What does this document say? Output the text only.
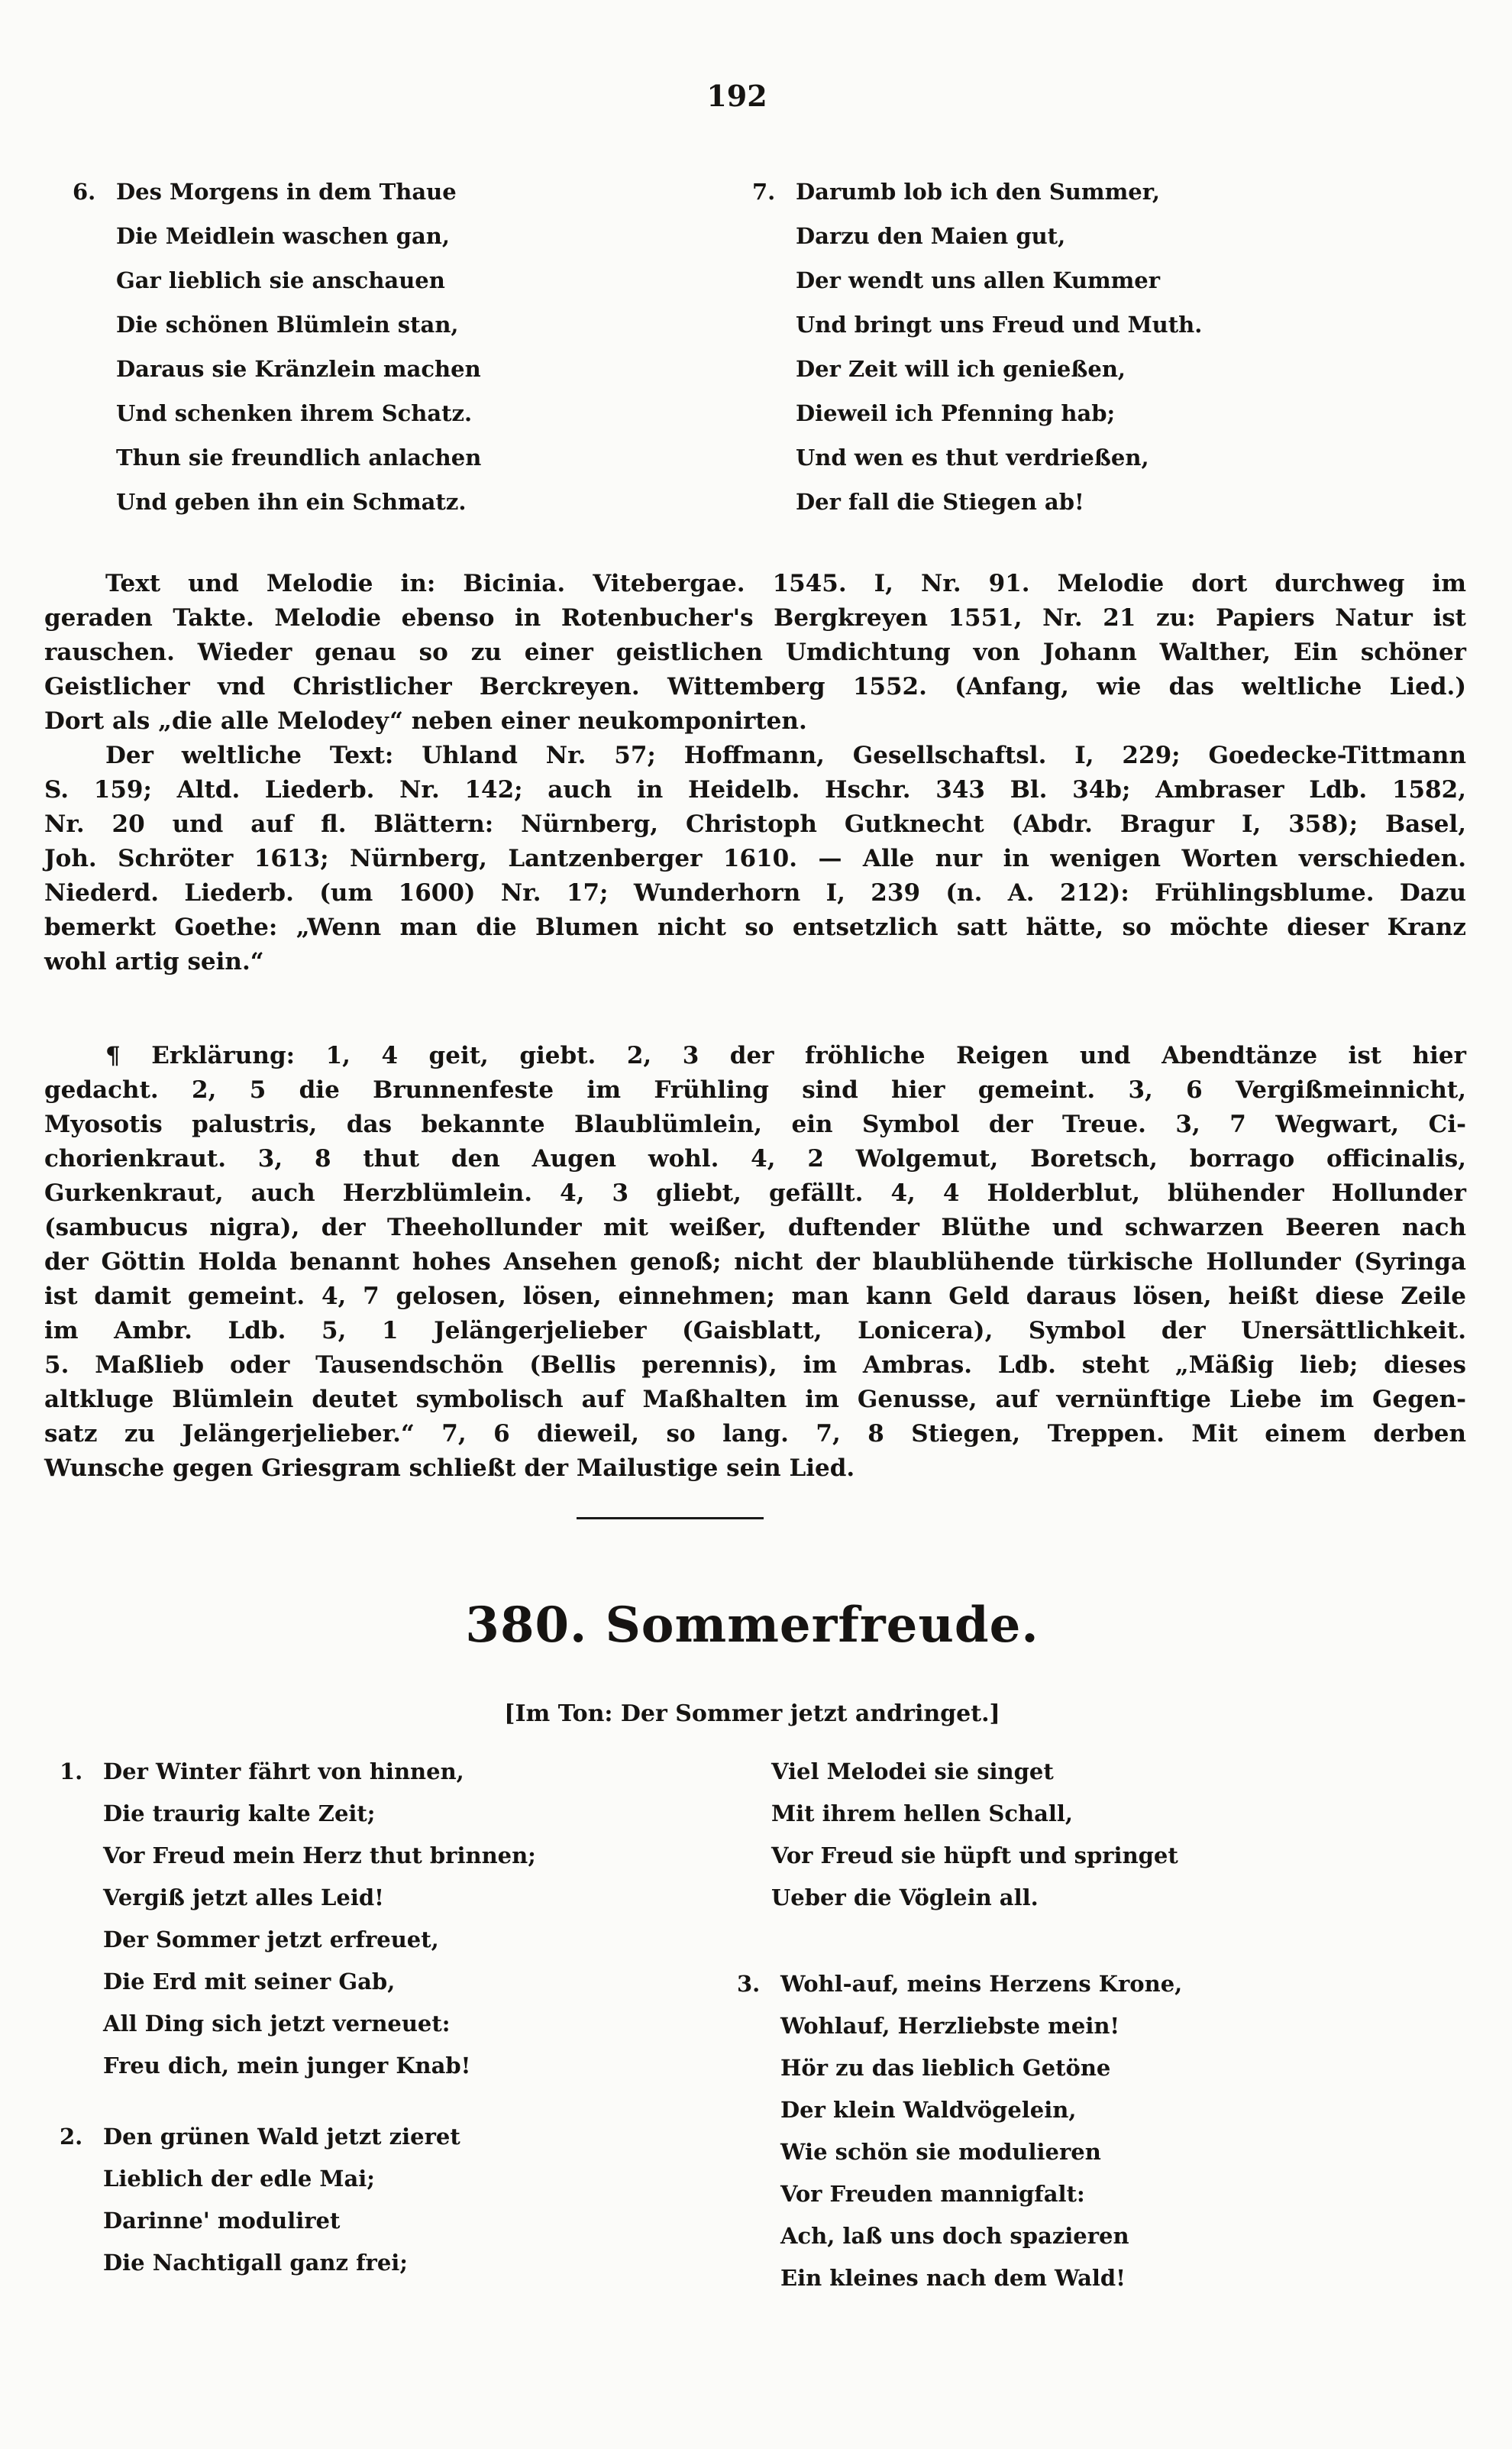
192
6. Des Morgens in dem Thaue
Die Meidlein waschen gan,
Gar lieblich sie anschauen
Die schönen Blümlein stan,
Daraus sie Kränzlein machen
Und schenken ihrem Schatz.
Thun sie freundlich anlachen
Und geben ihn ein Schmatz.
7. Darumb lob ich den Summer,
Darzu den Maien gut,
Der wendt uns allen Kummer
Und bringt uns Freud und Muth.
Der Zeit will ich genießen,
Dieweil ich Pfenning hab;
Und wen es thut verdrießen,
Der fall die Stiegen ab!
Text und Melodie in: Bicinia. Vitebergae. 1545. I, Nr. 91. Melodie dort durchweg im
geraden Takte. Melodie ebenso in Rotenbucher's Bergkreyen 1551, Nr. 21 zu: Papiers Natur ist
rauschen. Wieder genau so zu einer geistlichen Umdichtung von Johann Walther, Ein schöner
Geistlicher vnd Christlicher Berckreyen. Wittemberg 1552. (Anfang, wie das weltliche Lied.)
Dort als „die alle Melodey“ neben einer neukomponirten.
Der weltliche Text: Uhland Nr. 57; Hoffmann, Gesellschaftsl. I, 229; Goedecke-Tittmann
S. 159; Altd. Liederb. Nr. 142; auch in Heidelb. Hschr. 343 Bl. 34b; Ambraser Ldb. 1582,
Nr. 20 und auf fl. Blättern: Nürnberg, Christoph Gutknecht (Abdr. Bragur I, 358); Basel,
Joh. Schröter 1613; Nürnberg, Lantzenberger 1610. — Alle nur in wenigen Worten verschieden.
Niederd. Liederb. (um 1600) Nr. 17; Wunderhorn I, 239 (n. A. 212): Frühlingsblume. Dazu
bemerkt Goethe: „Wenn man die Blumen nicht so entsetzlich satt hätte, so möchte dieser Kranz
wohl artig sein.“
¶ Erklärung: 1, 4 geit, giebt. 2, 3 der fröhliche Reigen und Abendtänze ist hier
gedacht. 2, 5 die Brunnenfeste im Frühling sind hier gemeint. 3, 6 Vergißmeinnicht,
Myosotis palustris, das bekannte Blaublümlein, ein Symbol der Treue. 3, 7 Wegwart, Ci-
chorienkraut. 3, 8 thut den Augen wohl. 4, 2 Wolgemut, Boretsch, borrago officinalis,
Gurkenkraut, auch Herzblümlein. 4, 3 gliebt, gefällt. 4, 4 Holderblut, blühender Hollunder
(sambucus nigra), der Theehollunder mit weißer, duftender Blüthe und schwarzen Beeren nach
der Göttin Holda benannt hohes Ansehen genoß; nicht der blaublühende türkische Hollunder (Syringa
ist damit gemeint. 4, 7 gelosen, lösen, einnehmen; man kann Geld daraus lösen, heißt diese Zeile
im Ambr. Ldb. 5, 1 Jelängerjelieber (Gaisblatt, Lonicera), Symbol der Unersättlichkeit.
5. Maßlieb oder Tausendschön (Bellis perennis), im Ambras. Ldb. steht „Mäßig lieb; dieses
altkluge Blümlein deutet symbolisch auf Maßhalten im Genusse, auf vernünftige Liebe im Gegen-
satz zu Jelängerjelieber.“ 7, 6 dieweil, so lang. 7, 8 Stiegen, Treppen. Mit einem derben
Wunsche gegen Griesgram schließt der Mailustige sein Lied.
380. Sommerfreude.
[Im Ton: Der Sommer jetzt andringet.]
1. Der Winter fährt von hinnen,
Die traurig kalte Zeit;
Vor Freud mein Herz thut brinnen;
Vergiß jetzt alles Leid!
Der Sommer jetzt erfreuet,
Die Erd mit seiner Gab,
All Ding sich jetzt verneuet:
Freu dich, mein junger Knab!
2. Den grünen Wald jetzt zieret
Lieblich der edle Mai;
Darinne' moduliret
Die Nachtigall ganz frei;
Viel Melodei sie singet
Mit ihrem hellen Schall,
Vor Freud sie hüpft und springet
Ueber die Vöglein all.
3. Wohl-auf, meins Herzens Krone,
Wohlauf, Herzliebste mein!
Hör zu das lieblich Getöne
Der klein Waldvögelein,
Wie schön sie modulieren
Vor Freuden mannigfalt:
Ach, laß uns doch spazieren
Ein kleines nach dem Wald!
